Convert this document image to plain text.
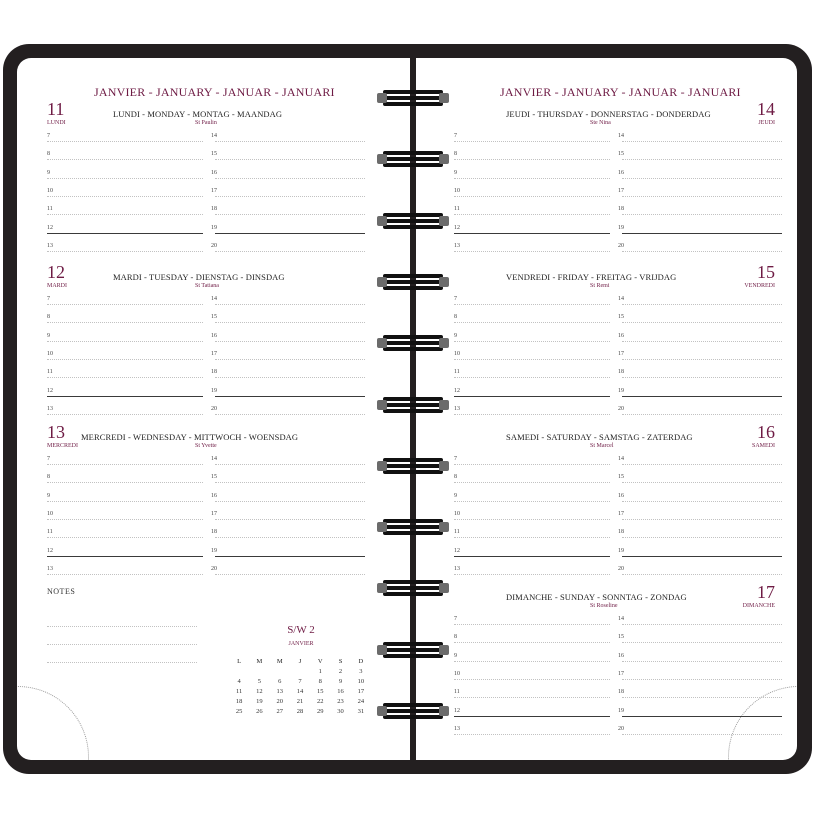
JANVIER - JANUARY - JANUAR - JANUARI
NOTES
S/W 2
JANVIER
L	M	M	J	V	S	D
				1	2	3
4	5	6	7	8	9	10
11	12	13	14	15	16	17
18	19	20	21	22	23	24
25	26	27	28	29	30	31
11
LUNDI
LUNDI - MONDAY - MONTAG - MAANDAG
St Paulin
7	14
8	15
9	16
10	17
11	18
12	19
13	20
12
MARDI
MARDI - TUESDAY - DIENSTAG - DINSDAG
St Tatiana
7	14
8	15
9	16
10	17
11	18
12	19
13	20
13
MERCREDI
MERCREDI - WEDNESDAY - MITTWOCH - WOENSDAG
St Yvette
7	14
8	15
9	16
10	17
11	18
12	19
13	20
JANVIER - JANUARY - JANUAR - JANUARI
14
JEUDI
JEUDI - THURSDAY - DONNERSTAG - DONDERDAG
Ste Nina
7	14
8	15
9	16
10	17
11	18
12	19
13	20
15
VENDREDI
VENDREDI - FRIDAY - FREITAG - VRIJDAG
St Remi
7	14
8	15
9	16
10	17
11	18
12	19
13	20
16
SAMEDI
SAMEDI - SATURDAY - SAMSTAG - ZATERDAG
St Marcel
7	14
8	15
9	16
10	17
11	18
12	19
13	20
17
DIMANCHE
DIMANCHE - SUNDAY - SONNTAG - ZONDAG
St Roseline
7	14
8	15
9	16
10	17
11	18
12	19
13	20
